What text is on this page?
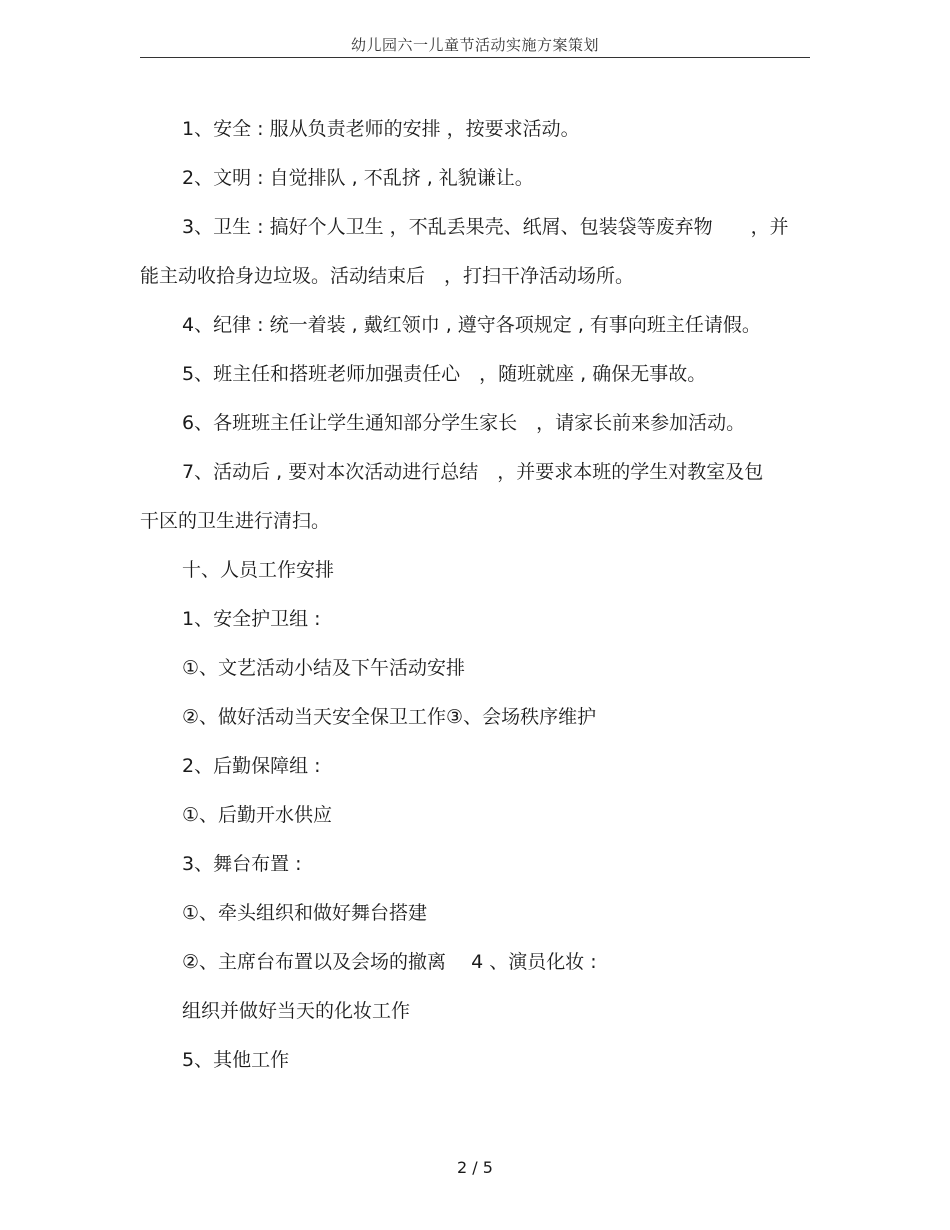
幼儿园六一儿童节活动实施方案策划
1、安全 : 服从负责老师的安排 ，按要求活动。
2、文明 : 自觉排队 , 不乱挤 , 礼貌谦让。
3、卫生 : 搞好个人卫生 ，不乱丢果壳、纸屑、包装袋等废弃物　　，并
能主动收拾身边垃圾。活动结束后　，打扫干净活动场所。
4、纪律 : 统一着装 , 戴红领巾 , 遵守各项规定 , 有事向班主任请假。
5、班主任和搭班老师加强责任心　，随班就座 , 确保无事故。
6、各班班主任让学生通知部分学生家长　，请家长前来参加活动。
7、活动后 , 要对本次活动进行总结　，并要求本班的学生对教室及包
干区的卫生进行清扫。
十、人员工作安排
1、安全护卫组 :
①、文艺活动小结及下午活动安排
②、做好活动当天安全保卫工作③、会场秩序维护
2、后勤保障组 :
①、后勤开水供应
3、舞台布置 :
①、牵头组织和做好舞台搭建
②、主席台布置以及会场的撤离　 4 、演员化妆 :
组织并做好当天的化妆工作
5、其他工作
2 / 5
